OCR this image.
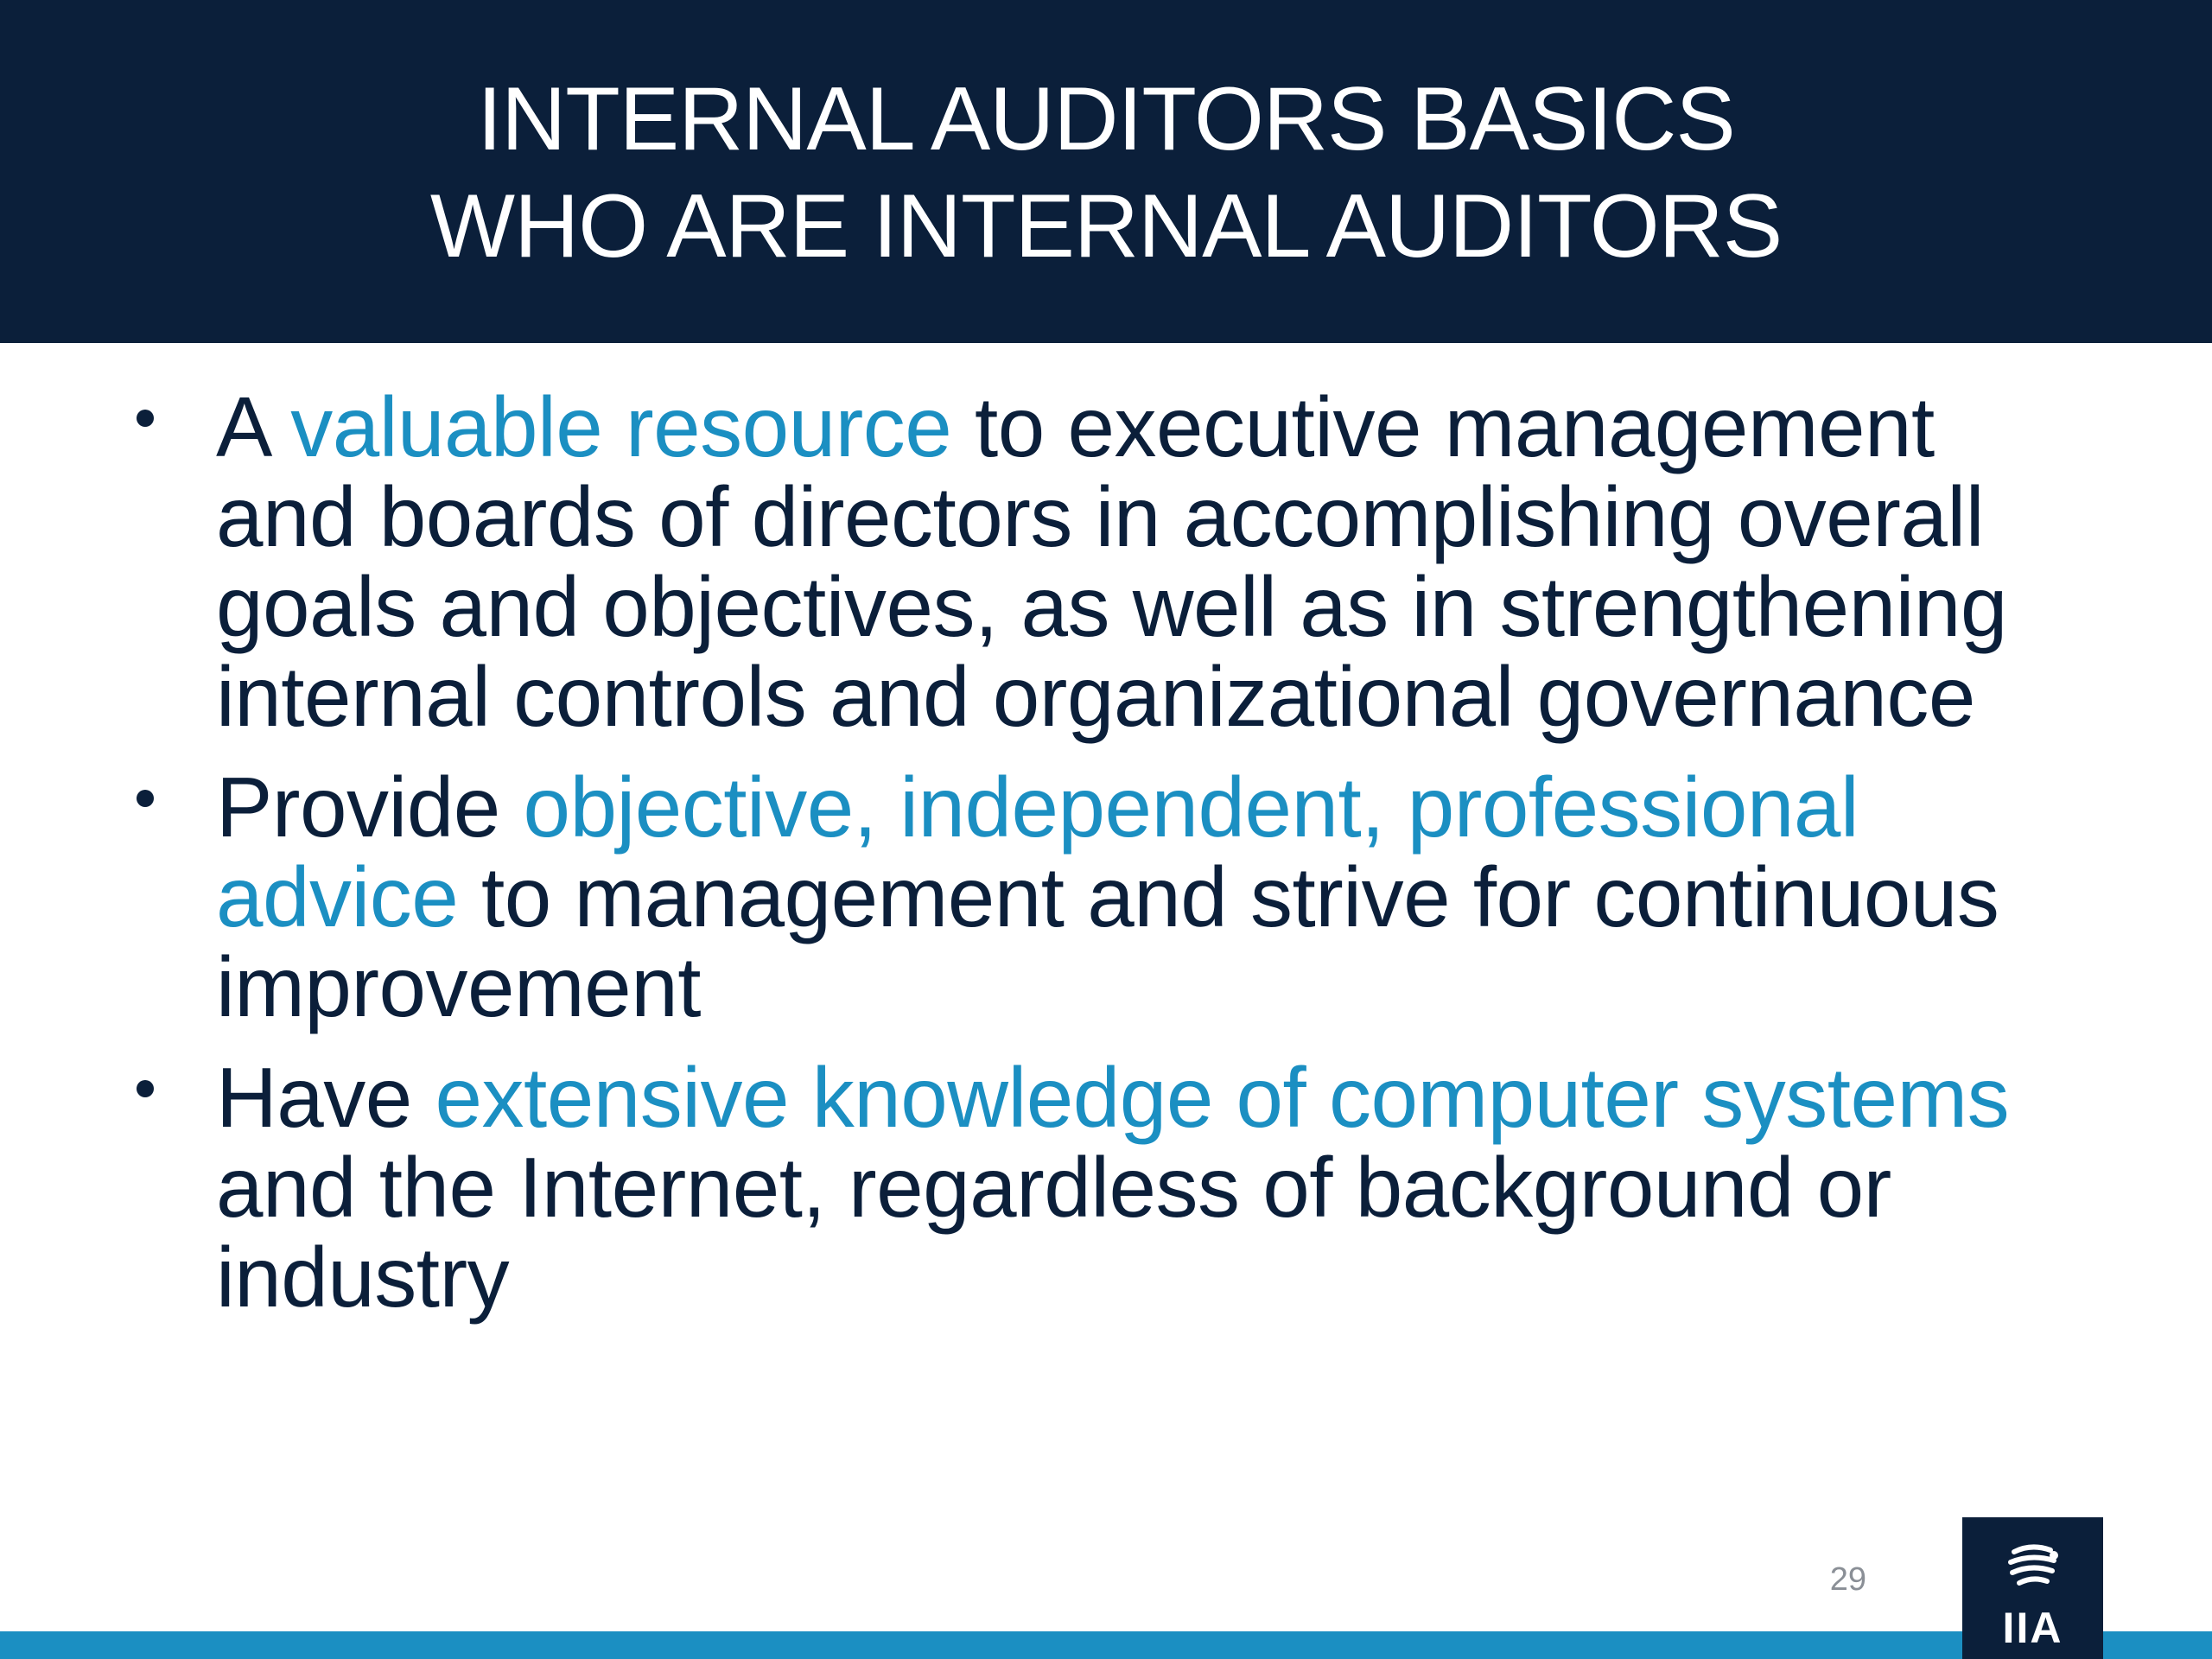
INTERNAL AUDITORS BASICS
WHO ARE INTERNAL AUDITORS
A valuable resource to executive management and boards of directors in accomplishing overall goals and objectives, as well as in strengthening internal controls and organizational governance
Provide objective, independent, professional advice to management and strive for continuous improvement
Have extensive knowledge of computer systems and the Internet, regardless of background or industry
29
IIA
